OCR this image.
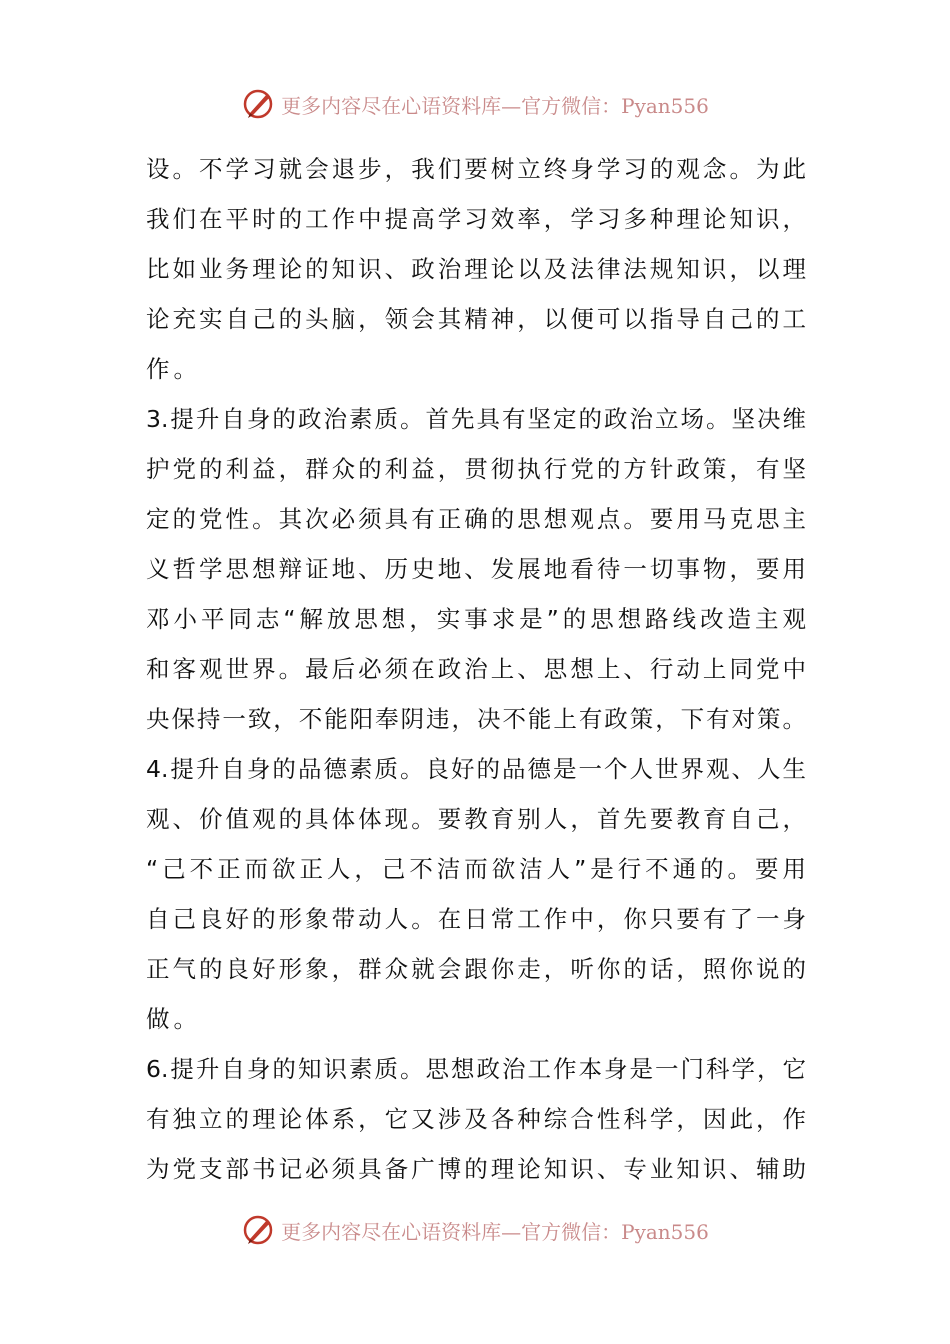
更多内容尽在心语资料库—官方微信：Pyan556
设。不学习就会退步，我们要树立终身学习的观念。为此
我们在平时的工作中提高学习效率，学习多种理论知识，
比如业务理论的知识、政治理论以及法律法规知识，以理
论充实自己的头脑，领会其精神，以便可以指导自己的工
作。
3.提升自身的政治素质。首先具有坚定的政治立场。坚决维
护党的利益，群众的利益，贯彻执行党的方针政策，有坚
定的党性。其次必须具有正确的思想观点。要用马克思主
义哲学思想辩证地、历史地、发展地看待一切事物，要用
邓小平同志“解放思想，实事求是”的思想路线改造主观
和客观世界。最后必须在政治上、思想上、行动上同党中
央保持一致，不能阳奉阴违，决不能上有政策，下有对策。
4.提升自身的品德素质。良好的品德是一个人世界观、人生
观、价值观的具体体现。要教育别人，首先要教育自己，
“己不正而欲正人，己不洁而欲洁人”是行不通的。要用
自己良好的形象带动人。在日常工作中，你只要有了一身
正气的良好形象，群众就会跟你走，听你的话，照你说的
做。
6.提升自身的知识素质。思想政治工作本身是一门科学，它
有独立的理论体系，它又涉及各种综合性科学，因此，作
为党支部书记必须具备广博的理论知识、专业知识、辅助
更多内容尽在心语资料库—官方微信：Pyan556
